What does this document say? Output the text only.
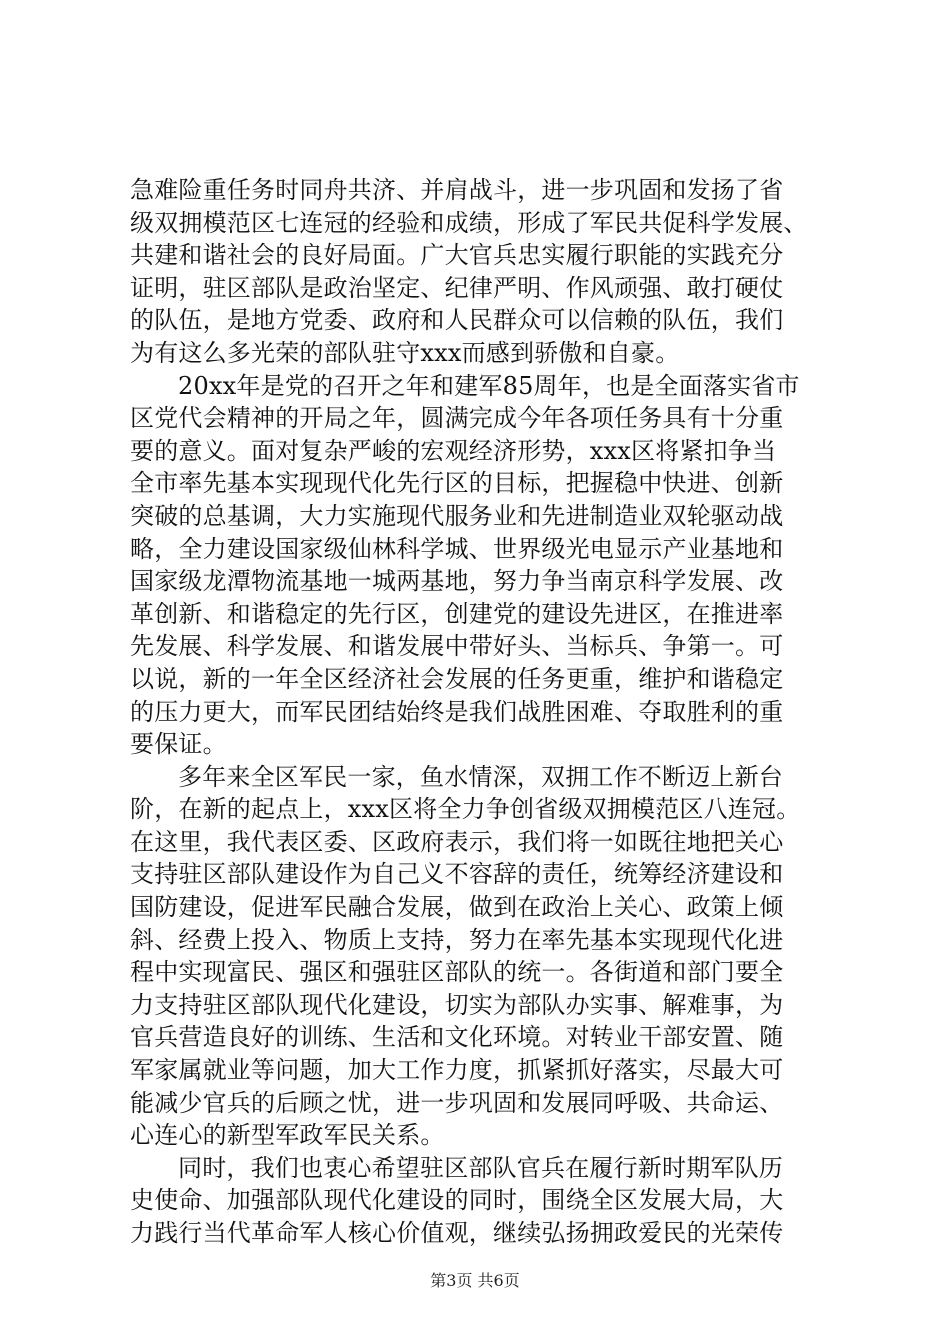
急难险重任务时同舟共济、并肩战斗，进一步巩固和发扬了省
级双拥模范区七连冠的经验和成绩，形成了军民共促科学发展、
共建和谐社会的良好局面。广大官兵忠实履行职能的实践充分
证明，驻区部队是政治坚定、纪律严明、作风顽强、敢打硬仗
的队伍，是地方党委、政府和人民群众可以信赖的队伍，我们
为有这么多光荣的部队驻守xxx而感到骄傲和自豪。
20xx年是党的召开之年和建军85周年，也是全面落实省市
区党代会精神的开局之年，圆满完成今年各项任务具有十分重
要的意义。面对复杂严峻的宏观经济形势，xxx区将紧扣争当
全市率先基本实现现代化先行区的目标，把握稳中快进、创新
突破的总基调，大力实施现代服务业和先进制造业双轮驱动战
略，全力建设国家级仙林科学城、世界级光电显示产业基地和
国家级龙潭物流基地一城两基地，努力争当南京科学发展、改
革创新、和谐稳定的先行区，创建党的建设先进区，在推进率
先发展、科学发展、和谐发展中带好头、当标兵、争第一。可
以说，新的一年全区经济社会发展的任务更重，维护和谐稳定
的压力更大，而军民团结始终是我们战胜困难、夺取胜利的重
要保证。
多年来全区军民一家，鱼水情深，双拥工作不断迈上新台
阶，在新的起点上，xxx区将全力争创省级双拥模范区八连冠。
在这里，我代表区委、区政府表示，我们将一如既往地把关心
支持驻区部队建设作为自己义不容辞的责任，统筹经济建设和
国防建设，促进军民融合发展，做到在政治上关心、政策上倾
斜、经费上投入、物质上支持，努力在率先基本实现现代化进
程中实现富民、强区和强驻区部队的统一。各街道和部门要全
力支持驻区部队现代化建设，切实为部队办实事、解难事，为
官兵营造良好的训练、生活和文化环境。对转业干部安置、随
军家属就业等问题，加大工作力度，抓紧抓好落实，尽最大可
能减少官兵的后顾之忧，进一步巩固和发展同呼吸、共命运、
心连心的新型军政军民关系。
同时，我们也衷心希望驻区部队官兵在履行新时期军队历
史使命、加强部队现代化建设的同时，围绕全区发展大局，大
力践行当代革命军人核心价值观，继续弘扬拥政爱民的光荣传
第3页 共6页
